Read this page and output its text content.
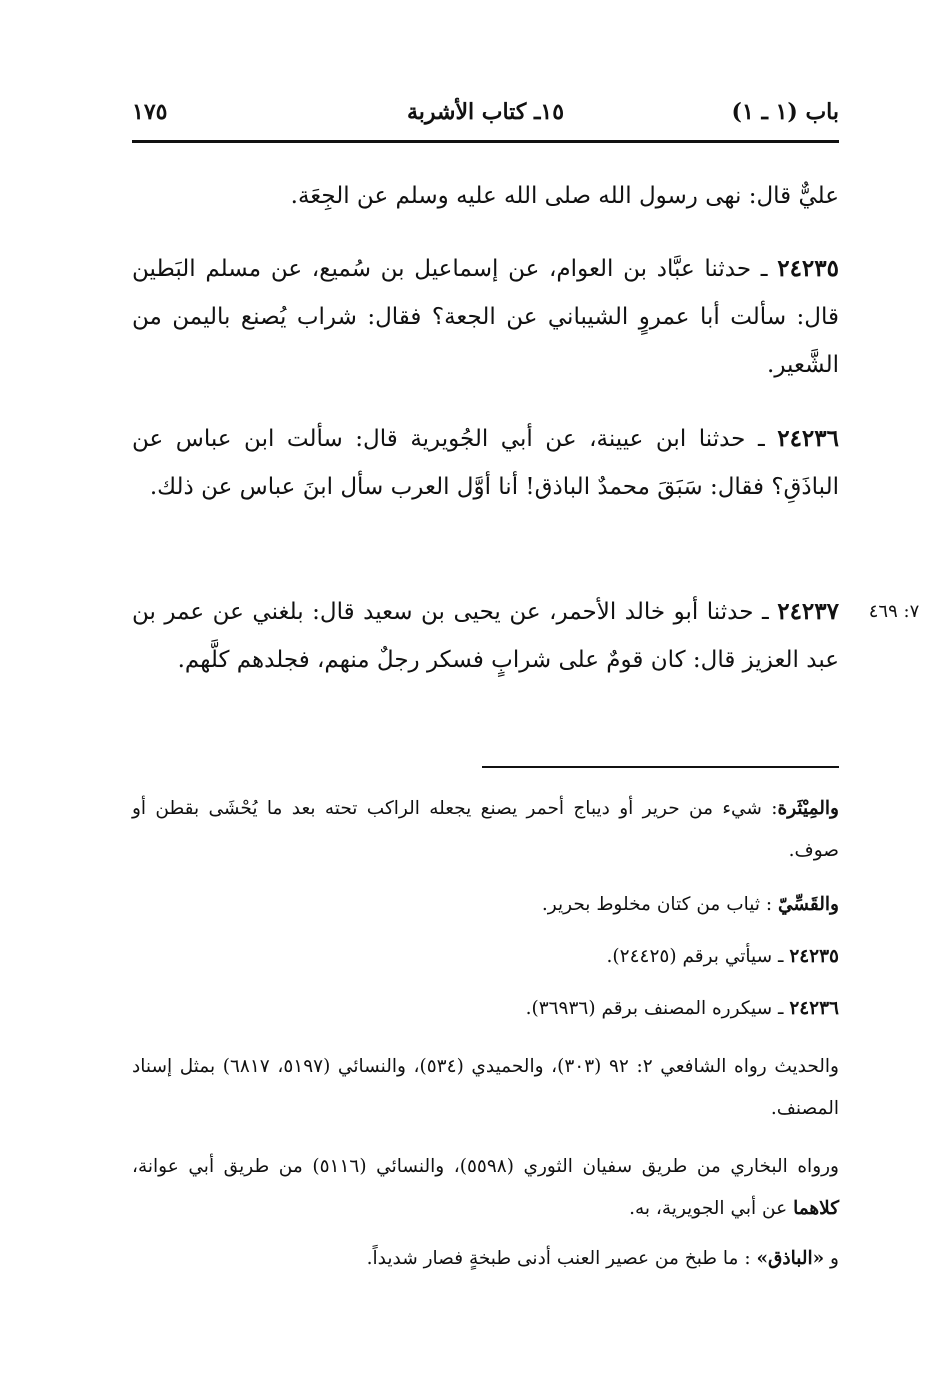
باب (١ ـ ١)
١٥ـ كتاب الأشربة
١٧٥
عليٌّ قال: نهى رسول الله صلى الله عليه وسلم عن الجِعَة.
٢٤٢٣٥ ـ حدثنا عبَّاد بن العوام، عن إسماعيل بن سُميع، عن مسلم البَطين قال: سألت أبا عمروٍ الشيباني عن الجعة؟ فقال: شراب يُصنع باليمن من الشَّعير.
٢٤٢٣٦ ـ حدثنا ابن عيينة، عن أبي الجُويرية قال: سألت ابن عباس عن الباذَقِ؟ فقال: سَبَقَ محمدٌ الباذق! أنا أوَّل العرب سأل ابنَ عباس عن ذلك.
٢٤٢٣٧ ـ حدثنا أبو خالد الأحمر، عن يحيى بن سعيد قال: بلغني عن عمر بن عبد العزيز قال: كان قومٌ على شرابٍ فسكر رجلٌ منهم، فجلدهم كلَّهم.
٧: ٤٦٩
والمِيْثَرة: شيء من حرير أو ديباج أحمر يصنع يجعله الراكب تحته بعد ما يُحْشَى بقطن أو صوف.
والقَسِّيّ : ثياب من كتان مخلوط بحرير.
٢٤٢٣٥ ـ سيأتي برقم (٢٤٤٢٥).
٢٤٢٣٦ ـ سيكرره المصنف برقم (٣٦٩٣٦).
والحديث رواه الشافعي ٢: ٩٢ (٣٠٣)، والحميدي (٥٣٤)، والنسائي (٥١٩٧، ٦٨١٧) بمثل إسناد المصنف.
ورواه البخاري من طريق سفيان الثوري (٥٥٩٨)، والنسائي (٥١١٦) من طريق أبي عوانة، كلاهما عن أبي الجويرية، به.
و «الباذق» : ما طبخ من عصير العنب أدنى طبخةٍ فصار شديداً.
